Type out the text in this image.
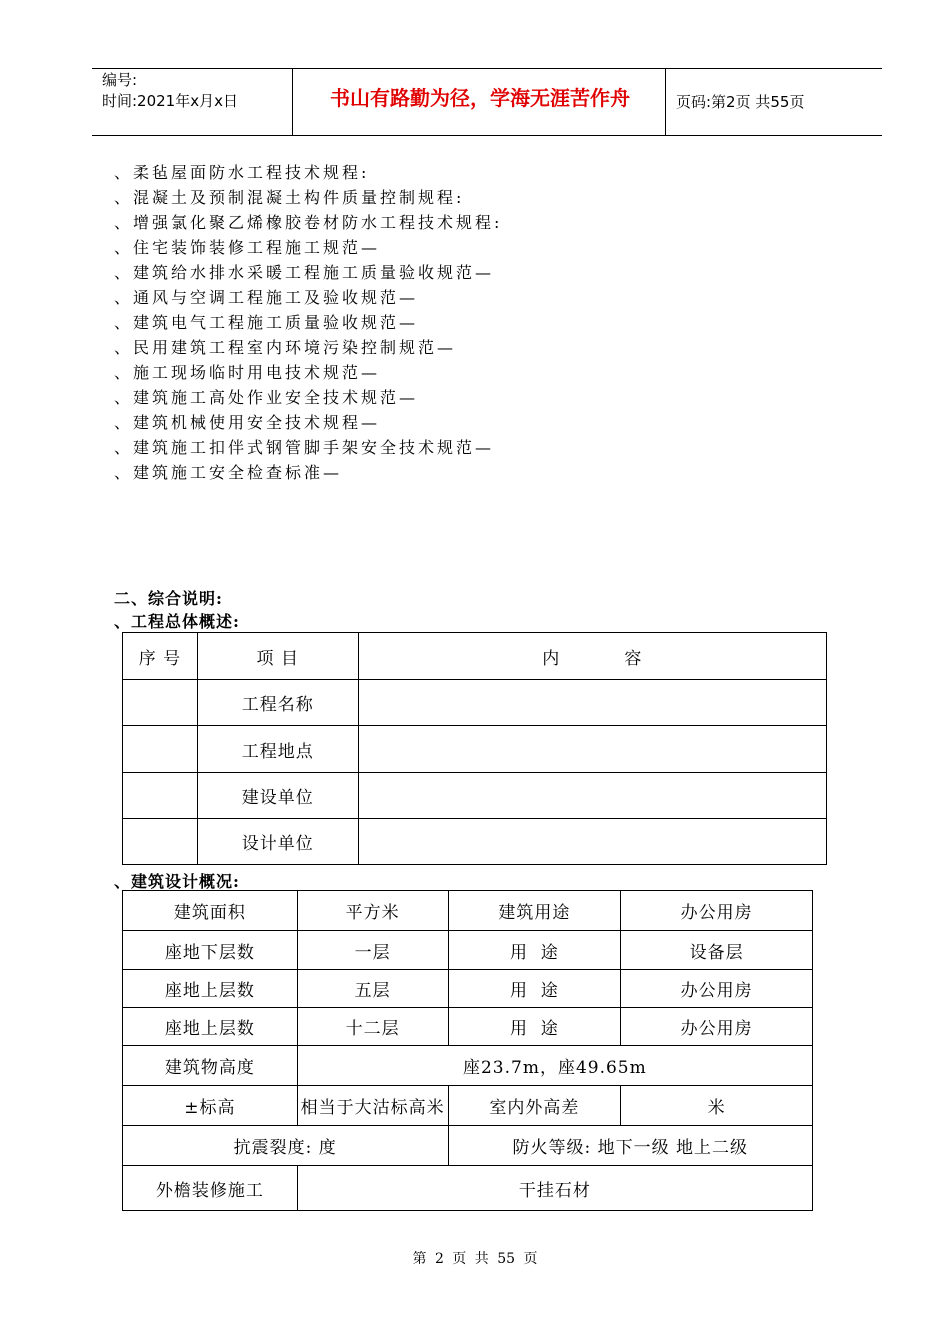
编号:
时间:2021年x月x日	书山有路勤为径，学海无涯苦作舟	页码:第2页 共55页
、柔毡屋面防水工程技术规程:
、混凝土及预制混凝土构件质量控制规程:
、增强氯化聚乙烯橡胶卷材防水工程技术规程:
、住宅装饰装修工程施工规范—
、建筑给水排水采暖工程施工质量验收规范—
、通风与空调工程施工及验收规范—
、建筑电气工程施工质量验收规范—
、民用建筑工程室内环境污染控制规范—
、施工现场临时用电技术规范—
、建筑施工高处作业安全技术规范—
、建筑机械使用安全技术规程—
、建筑施工扣伴式钢管脚手架安全技术规范—
、建筑施工安全检查标准—
二、综合说明:
、工程总体概述:
序 号	项 目	内          容
	工程名称	
	工程地点	
	建设单位	
	设计单位	
、建筑设计概况:
建筑面积	平方米	建筑用途	办公用房
座地下层数	一层	用  途	设备层
座地上层数	五层	用  途	办公用房
座地上层数	十二层	用  途	办公用房
建筑物高度	座23.7m，座49.65m		
±标高	相当于大沽标高米	室内外高差	米
抗震裂度: 度		防火等级: 地下一级 地上二级	
外檐装修施工	干挂石材		
第 2 页 共 55 页
